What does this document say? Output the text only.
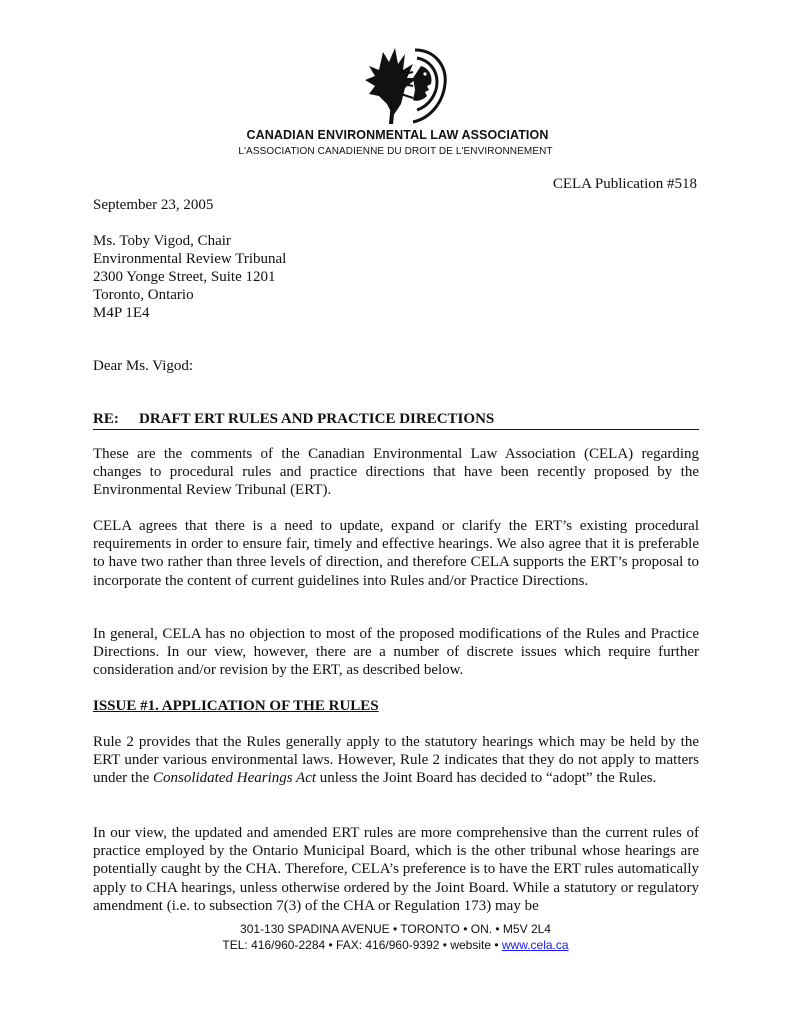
CANADIAN ENVIRONMENTAL LAW ASSOCIATION
L'ASSOCIATION CANADIENNE DU DROIT DE L'ENVIRONNEMENT
CELA Publication #518
September 23, 2005
Ms. Toby Vigod, Chair
Environmental Review Tribunal
2300 Yonge Street, Suite 1201
Toronto, Ontario
M4P 1E4
Dear Ms. Vigod:
RE: DRAFT ERT RULES AND PRACTICE DIRECTIONS

These are the comments of the Canadian Environmental Law Association (CELA) regarding changes to procedural rules and practice directions that have been recently proposed by the Environmental Review Tribunal (ERT).

CELA agrees that there is a need to update, expand or clarify the ERT’s existing procedural requirements in order to ensure fair, timely and effective hearings. We also agree that it is preferable to have two rather than three levels of direction, and therefore CELA supports the ERT’s proposal to incorporate the content of current guidelines into Rules and/or Practice Directions.

In general, CELA has no objection to most of the proposed modifications of the Rules and Practice Directions. In our view, however, there are a number of discrete issues which require further consideration and/or revision by the ERT, as described below.

ISSUE #1. APPLICATION OF THE RULES

Rule 2 provides that the Rules generally apply to the statutory hearings which may be held by the ERT under various environmental laws. However, Rule 2 indicates that they do not apply to matters under the Consolidated Hearings Act unless the Joint Board has decided to “adopt” the Rules.

In our view, the updated and amended ERT rules are more comprehensive than the current rules of practice employed by the Ontario Municipal Board, which is the other tribunal whose hearings are potentially caught by the CHA. Therefore, CELA’s preference is to have the ERT rules automatically apply to CHA hearings, unless otherwise ordered by the Joint Board. While a statutory or regulatory amendment (i.e. to subsection 7(3) of the CHA or Regulation 173) may be

301-130 SPADINA AVENUE • TORONTO • ON. • M5V 2L4
TEL: 416/960-2284 • FAX: 416/960-9392 • website • www.cela.ca
